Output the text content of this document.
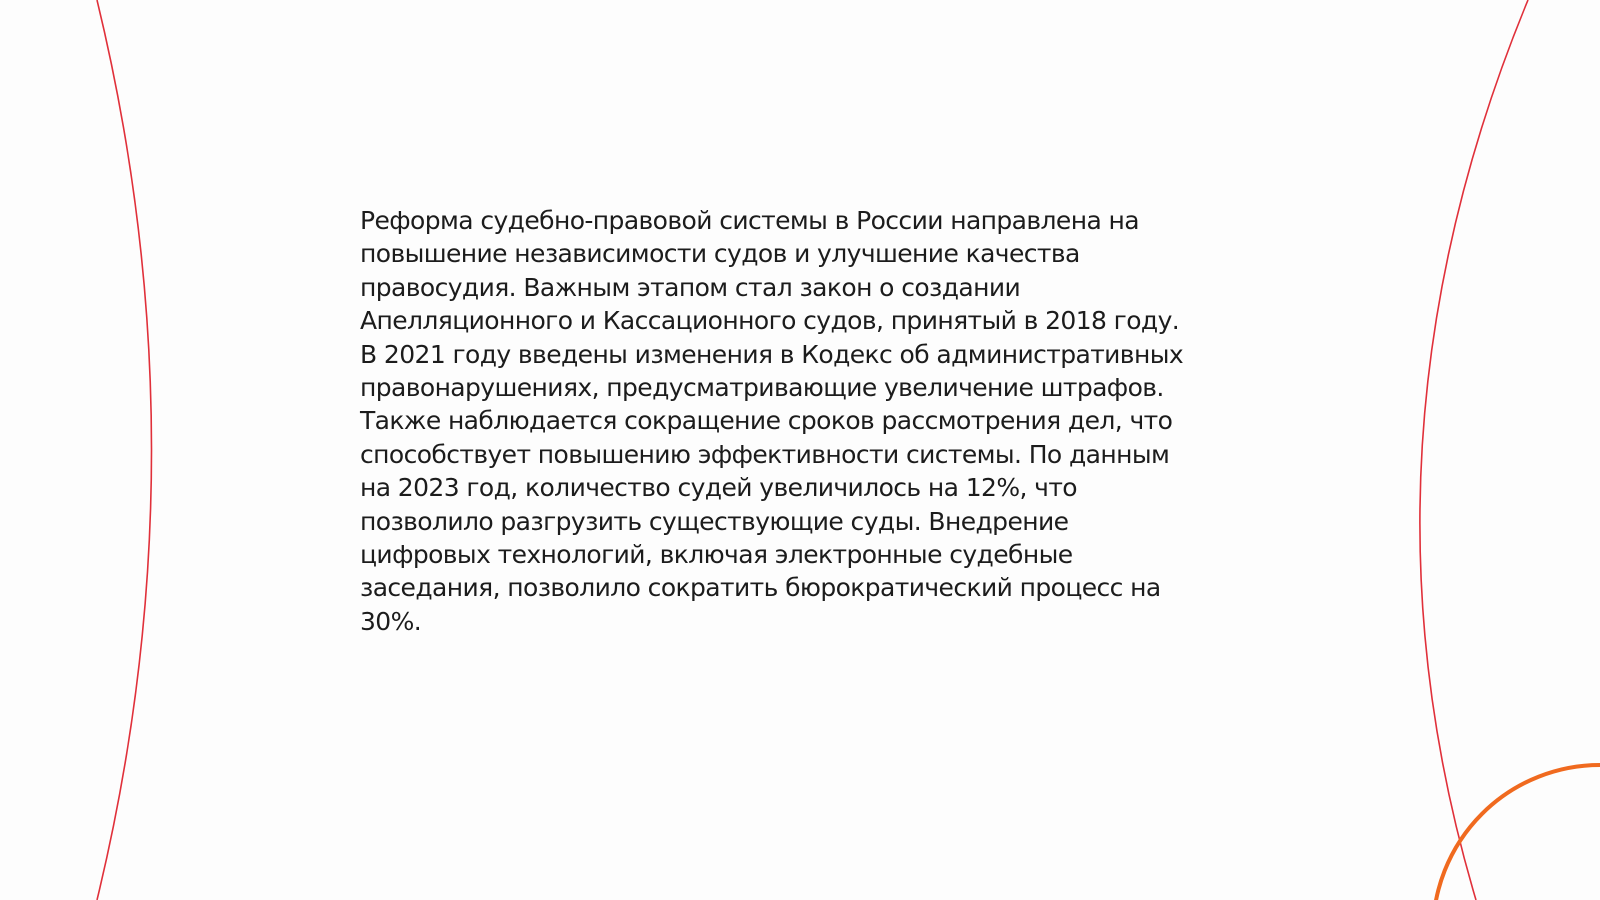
Реформа судебно-правовой системы в России направлена на
повышение независимости судов и улучшение качества
правосудия. Важным этапом стал закон о создании
Апелляционного и Кассационного судов, принятый в 2018 году.
В 2021 году введены изменения в Кодекс об административных
правонарушениях, предусматривающие увеличение штрафов.
Также наблюдается сокращение сроков рассмотрения дел, что
способствует повышению эффективности системы. По данным
на 2023 год, количество судей увеличилось на 12%, что
позволило разгрузить существующие суды. Внедрение
цифровых технологий, включая электронные судебные
заседания, позволило сократить бюрократический процесс на
30%.
